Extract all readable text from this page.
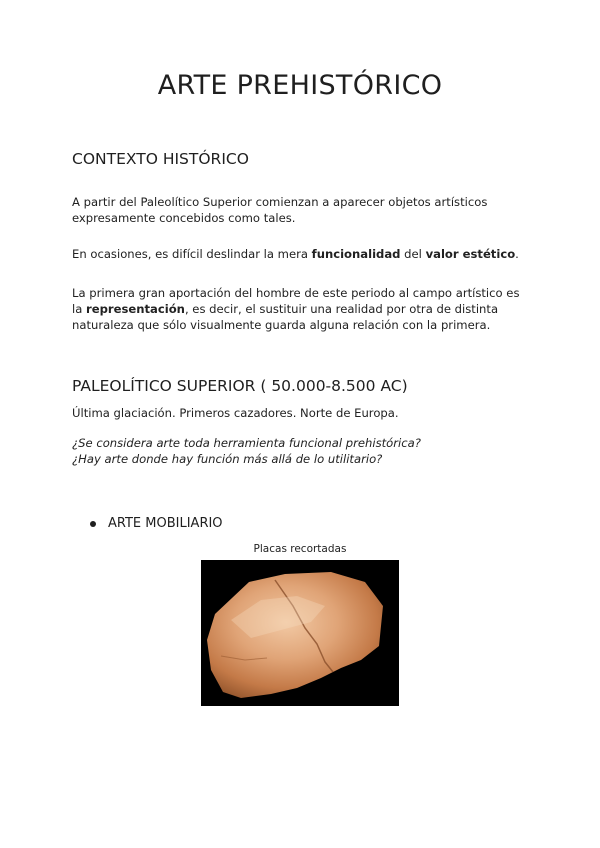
ARTE PREHISTÓRICO
CONTEXTO HISTÓRICO

A partir del Paleolítico Superior comienzan a aparecer objetos artísticos expresamente concebidos como tales.

En ocasiones, es difícil deslindar la mera funcionalidad del valor estético.

La primera gran aportación del hombre de este periodo al campo artístico es la representación, es decir, el sustituir una realidad por otra de distinta naturaleza que sólo visualmente guarda alguna relación con la primera.

PALEOLÍTICO SUPERIOR ( 50.000-8.500 AC)

Última glaciación. Primeros cazadores. Norte de Europa.

¿Se considera arte toda herramienta funcional prehistórica?

¿Hay arte donde hay función más allá de lo utilitario?

ARTE MOBILIARIO
Placas recortadas
